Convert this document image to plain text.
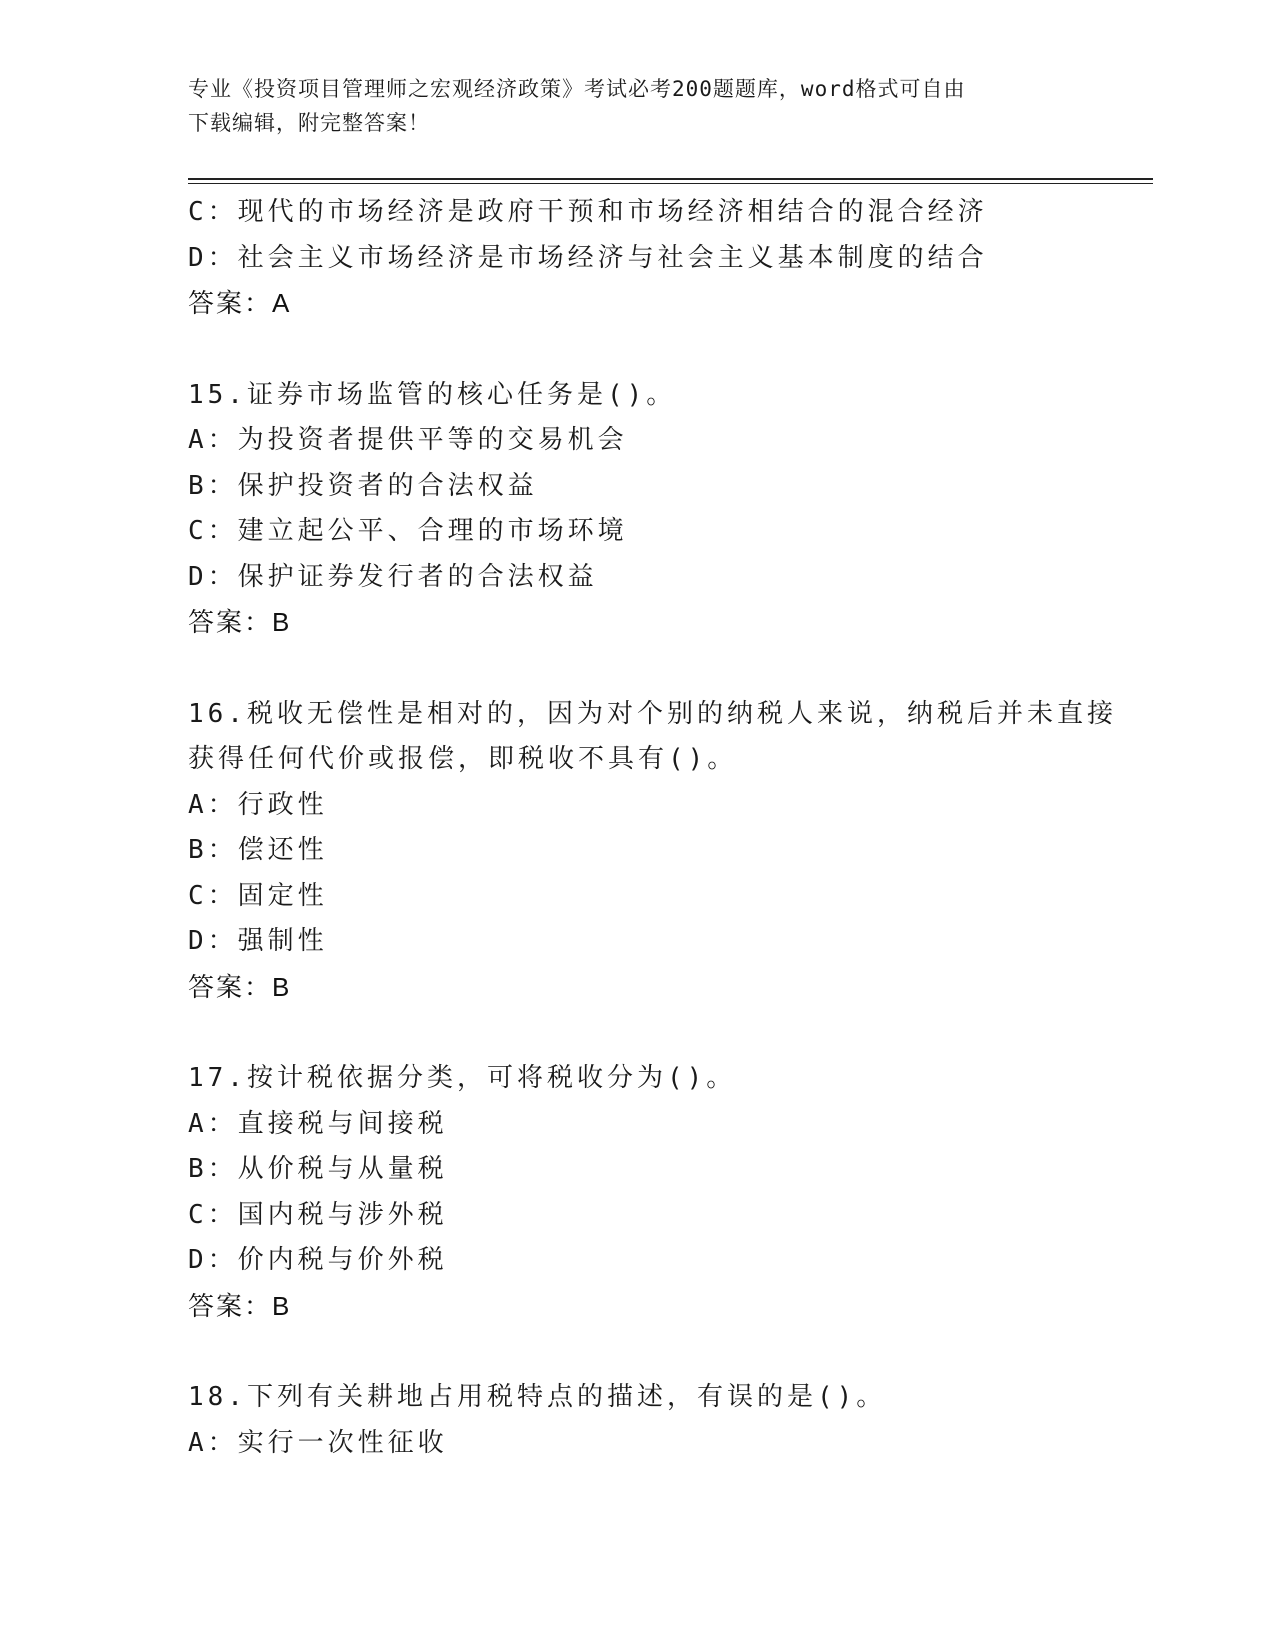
专业《投资项目管理师之宏观经济政策》考试必考200题题库，word格式可自由
下载编辑，附完整答案！
C：现代的市场经济是政府干预和市场经济相结合的混合经济
D：社会主义市场经济是市场经济与社会主义基本制度的结合
答案：A
15.证券市场监管的核心任务是()。
A：为投资者提供平等的交易机会
B：保护投资者的合法权益
C：建立起公平、合理的市场环境
D：保护证券发行者的合法权益
答案：B
16.税收无偿性是相对的，因为对个别的纳税人来说，纳税后并未直接
获得任何代价或报偿，即税收不具有()。
A：行政性
B：偿还性
C：固定性
D：强制性
答案：B
17.按计税依据分类，可将税收分为()。
A：直接税与间接税
B：从价税与从量税
C：国内税与涉外税
D：价内税与价外税
答案：B
18.下列有关耕地占用税特点的描述，有误的是()。
A：实行一次性征收
